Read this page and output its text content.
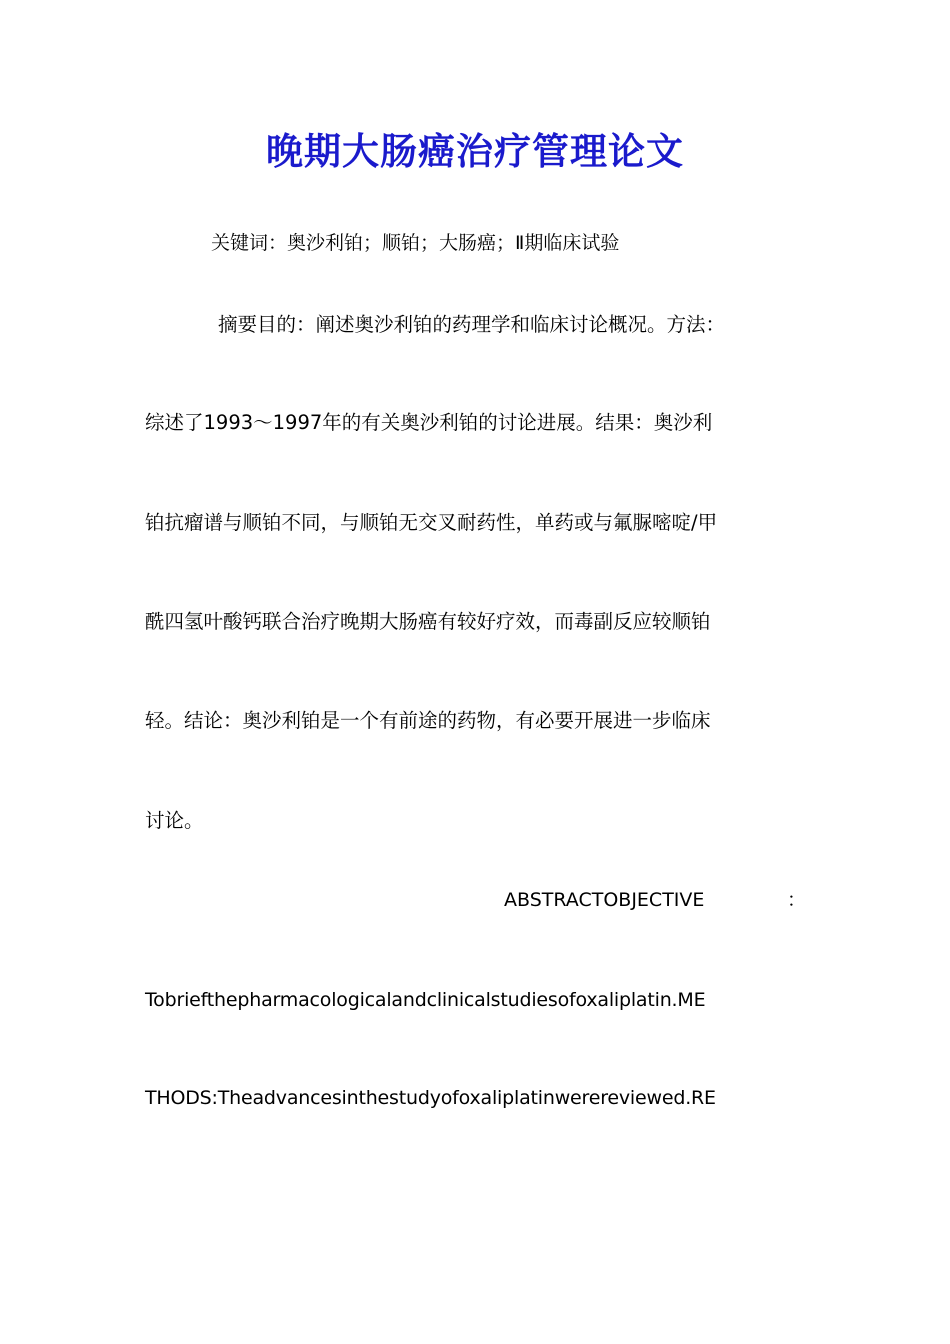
晚期大肠癌治疗管理论文
关键词：奥沙利铂；顺铂；大肠癌；Ⅱ期临床试验
摘要目的：阐述奥沙利铂的药理学和临床讨论概况。方法：
综述了1993～1997年的有关奥沙利铂的讨论进展。结果：奥沙利
铂抗瘤谱与顺铂不同，与顺铂无交叉耐药性，单药或与氟脲嘧啶/甲
酰四氢叶酸钙联合治疗晚期大肠癌有较好疗效，而毒副反应较顺铂
轻。结论：奥沙利铂是一个有前途的药物，有必要开展进一步临床
讨论。
ABSTRACTOBJECTIVE	：
Tobriefthepharmacologicalandclinicalstudiesofoxaliplatin.ME
THODS:Theadvancesinthestudyofoxaliplatinwerereviewed.RE
